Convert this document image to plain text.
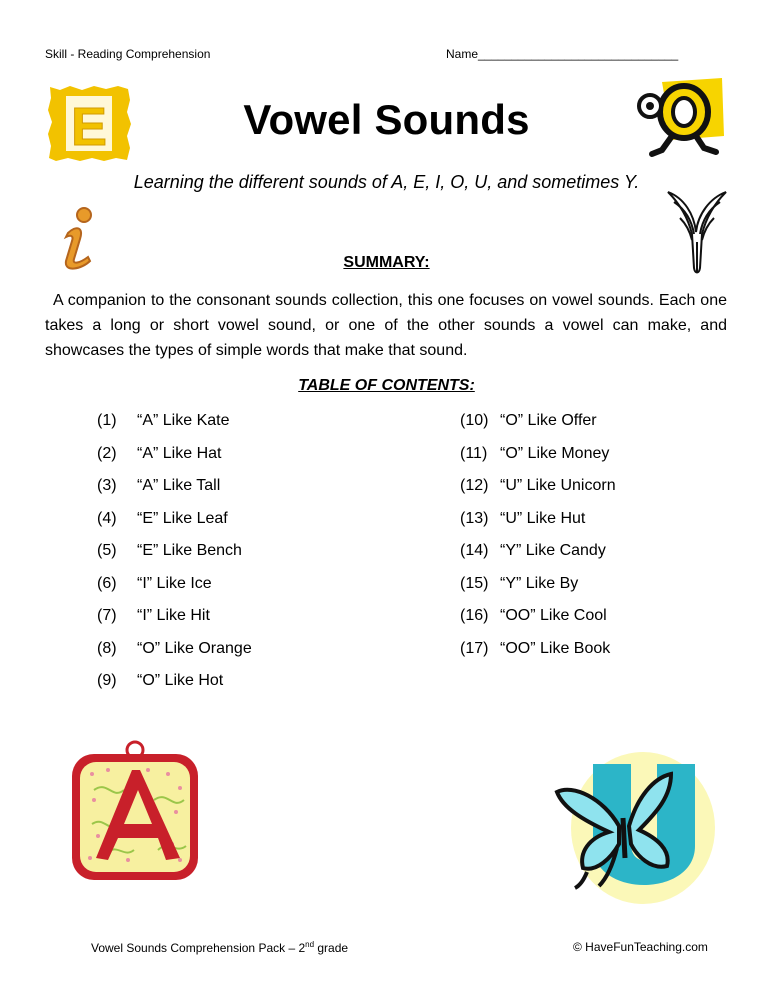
Skill - Reading Comprehension	Name______________________________
E	Vowel Sounds
Learning the different sounds of A, E, I, O, U, and sometimes Y.
SUMMARY:
A companion to the consonant sounds collection, this one focuses on vowel sounds. Each one takes a long or short vowel sound, or one of the other sounds a vowel can make, and showcases the types of simple words that make that sound.
TABLE OF CONTENTS:
(1) “A” Like Kate
(2) “A” Like Hat
(3) “A” Like Tall
(4) “E” Like Leaf
(5) “E” Like Bench
(6) “I” Like Ice
(7) “I” Like Hit
(8) “O” Like Orange
(9) “O” Like Hot
(10) “O” Like Offer
(11) “O” Like Money
(12) “U” Like Unicorn
(13) “U” Like Hut
(14) “Y” Like Candy
(15) “Y” Like By
(16) “OO” Like Cool
(17) “OO” Like Book
Vowel Sounds Comprehension Pack – 2nd grade	© HaveFunTeaching.com
